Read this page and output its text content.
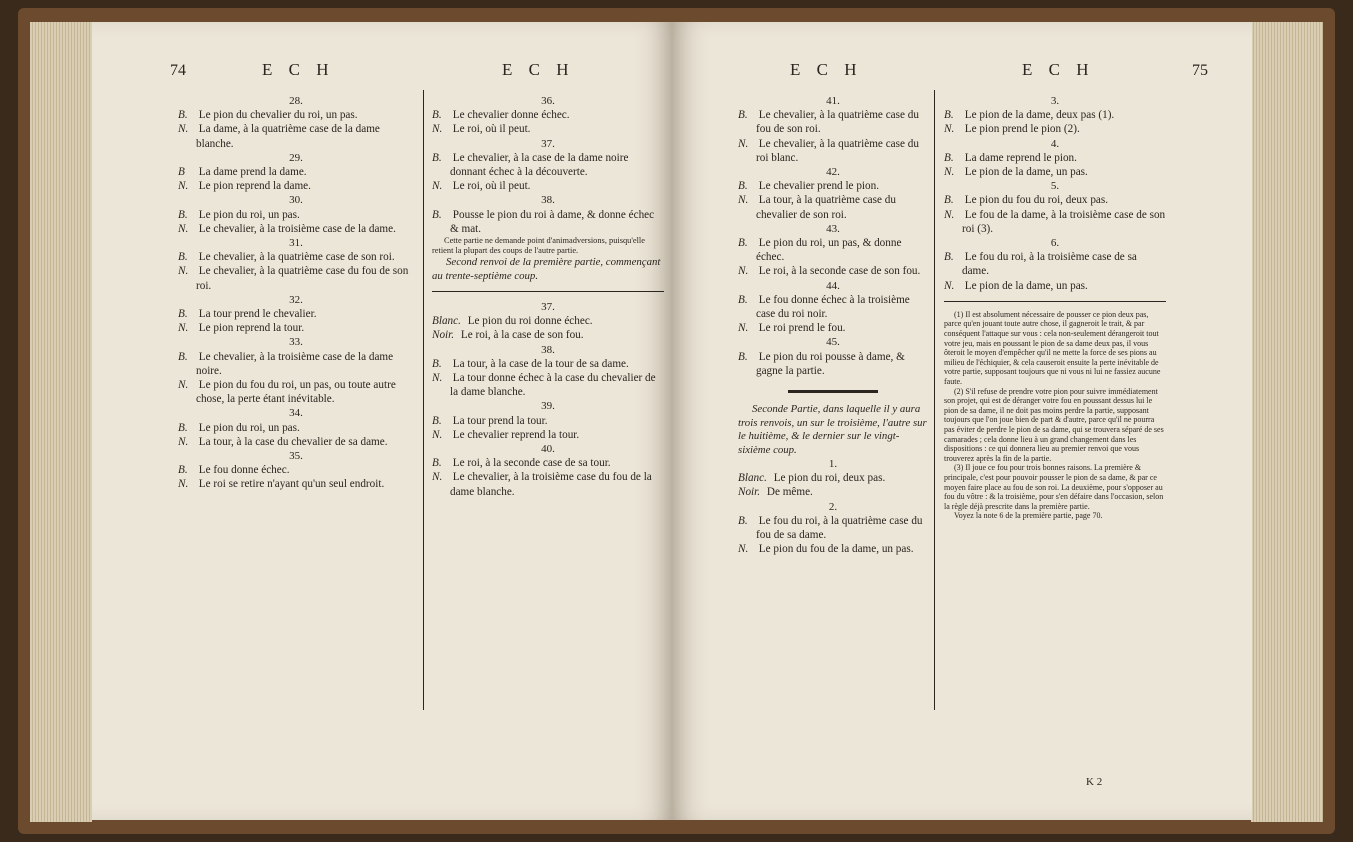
74	E C H	E C H

28.

B. Le pion du chevalier du roi, un pas.

N. La dame, à la quatrième case de la dame blanche.

29.

B La dame prend la dame.

N. Le pion reprend la dame.

30.

B. Le pion du roi, un pas.

N. Le chevalier, à la troisième case de la dame.

31.

B. Le chevalier, à la quatrième case de son roi.

N. Le chevalier, à la quatrième case du fou de son roi.

32.

B. La tour prend le chevalier.

N. Le pion reprend la tour.

33.

B. Le chevalier, à la troisième case de la dame noire.

N. Le pion du fou du roi, un pas, ou toute autre chose, la perte étant inévitable.

34.

B. Le pion du roi, un pas.

N. La tour, à la case du chevalier de sa dame.

35.

B. Le fou donne échec.

N. Le roi se retire n'ayant qu'un seul endroit.

36.

B. Le chevalier donne échec.

N. Le roi, où il peut.

37.

B. Le chevalier, à la case de la dame noire donnant échec à la découverte.

N. Le roi, où il peut.

38.

B. Pousse le pion du roi à dame, & donne échec & mat.

Cette partie ne demande point d'animadversions, puisqu'elle retient la plupart des coups de l'autre partie.

Second renvoi de la première partie, commençant au trente-septième coup.

37.

Blanc. Le pion du roi donne échec.

Noir. Le roi, à la case de son fou.

38.

B. La tour, à la case de la tour de sa dame.

N. La tour donne échec à la case du chevalier de la dame blanche.

39.

B. La tour prend la tour.

N. Le chevalier reprend la tour.

40.

B. Le roi, à la seconde case de sa tour.

N. Le chevalier, à la troisième case du fou de la dame blanche.

E C H	E C H	75

41.

B. Le chevalier, à la quatrième case du fou de son roi.

N. Le chevalier, à la quatrième case du roi blanc.

42.

B. Le chevalier prend le pion.

N. La tour, à la quatrième case du chevalier de son roi.

43.

B. Le pion du roi, un pas, & donne échec.

N. Le roi, à la seconde case de son fou.

44.

B. Le fou donne échec à la troisième case du roi noir.

N. Le roi prend le fou.

45.

B. Le pion du roi pousse à dame, & gagne la partie.

Seconde Partie, dans laquelle il y aura trois renvois, un sur le troisième, l'autre sur le huitième, & le dernier sur le vingt-sixième coup.

1.

Blanc. Le pion du roi, deux pas.

Noir. De même.

2.

B. Le fou du roi, à la quatrième case du fou de sa dame.

N. Le pion du fou de la dame, un pas.

3.

B. Le pion de la dame, deux pas (1).

N. Le pion prend le pion (2).

4.

B. La dame reprend le pion.

N. Le pion de la dame, un pas.

5.

B. Le pion du fou du roi, deux pas.

N. Le fou de la dame, à la troisième case de son roi (3).

6.

B. Le fou du roi, à la troisième case de sa dame.

N. Le pion de la dame, un pas.

(1) Il est absolument nécessaire de pousser ce pion deux pas, parce qu'en jouant toute autre chose, il gagneroit le trait, & par conséquent l'attaque sur vous : cela non-seulement dérangeroit tout votre jeu, mais en poussant le pion de sa dame deux pas, il vous ôteroit le moyen d'empêcher qu'il ne mette la force de ses pions au milieu de l'échiquier, & cela causeroit ensuite la perte inévitable de votre partie, supposant toujours que ni vous ni lui ne fassiez aucune faute.

(2) S'il refuse de prendre votre pion pour suivre immédiatement son projet, qui est de déranger votre fou en poussant dessus lui le pion de sa dame, il ne doit pas moins perdre la partie, supposant toujours que l'on joue bien de part & d'autre, parce qu'il ne pourra pas éviter de perdre le pion de sa dame, qui se trouvera séparé de ses camarades ; cela donne lieu à un grand changement dans les dispositions : ce qui donnera lieu au premier renvoi que vous trouverez après la fin de la partie.

(3) Il joue ce fou pour trois bonnes raisons. La première & principale, c'est pour pouvoir pousser le pion de sa dame, & par ce moyen faire place au fou de son roi. La deuxième, pour s'opposer au fou du vôtre : & la troisième, pour s'en défaire dans l'occasion, selon la règle déjà prescrite dans la première partie.

Voyez la note 6 de la première partie, page 70.

K 2
